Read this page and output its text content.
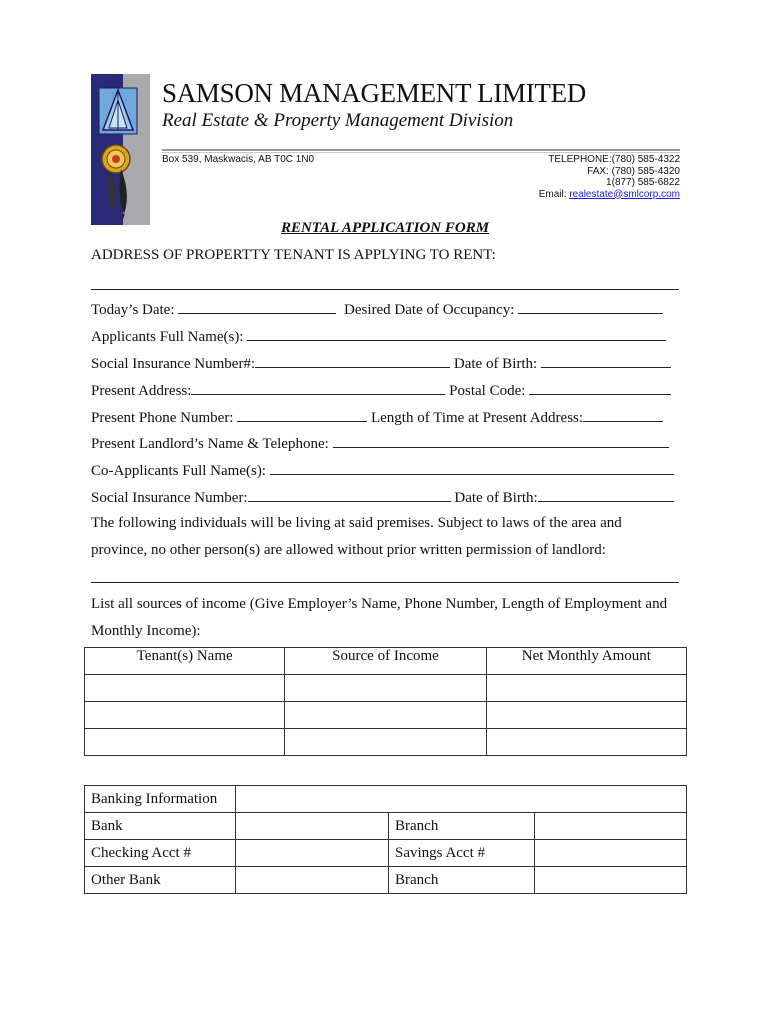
SAMSON MANAGEMENT LIMITED
Real Estate & Property Management Division
Box 539, Maskwacis, AB T0C 1N0	TELEPHONE:(780) 585-4322
FAX: (780) 585-4320
1(877) 585-6822
Email: realestate@smlcorp.com
RENTAL APPLICATION FORM
ADDRESS OF PROPERTTY TENANT IS APPLYING TO RENT:
Today’s Date:	Desired Date of Occupancy:
Applicants Full Name(s):
Social Insurance Number#:	Date of Birth:
Present Address:	Postal Code:
Present Phone Number:	Length of Time at Present Address:
Present Landlord’s Name & Telephone:
Co-Applicants Full Name(s):
Social Insurance Number:	Date of Birth:
The following individuals will be living at said premises. Subject to laws of the area and
province, no other person(s) are allowed without prior written permission of landlord:
List all sources of income (Give Employer’s Name, Phone Number, Length of Employment and
Monthly Income):
Tenant(s) Name	Source of Income	Net Monthly Amount

Banking Information			
Bank		Branch	
Checking Acct #		Savings Acct #	
Other Bank		Branch	
